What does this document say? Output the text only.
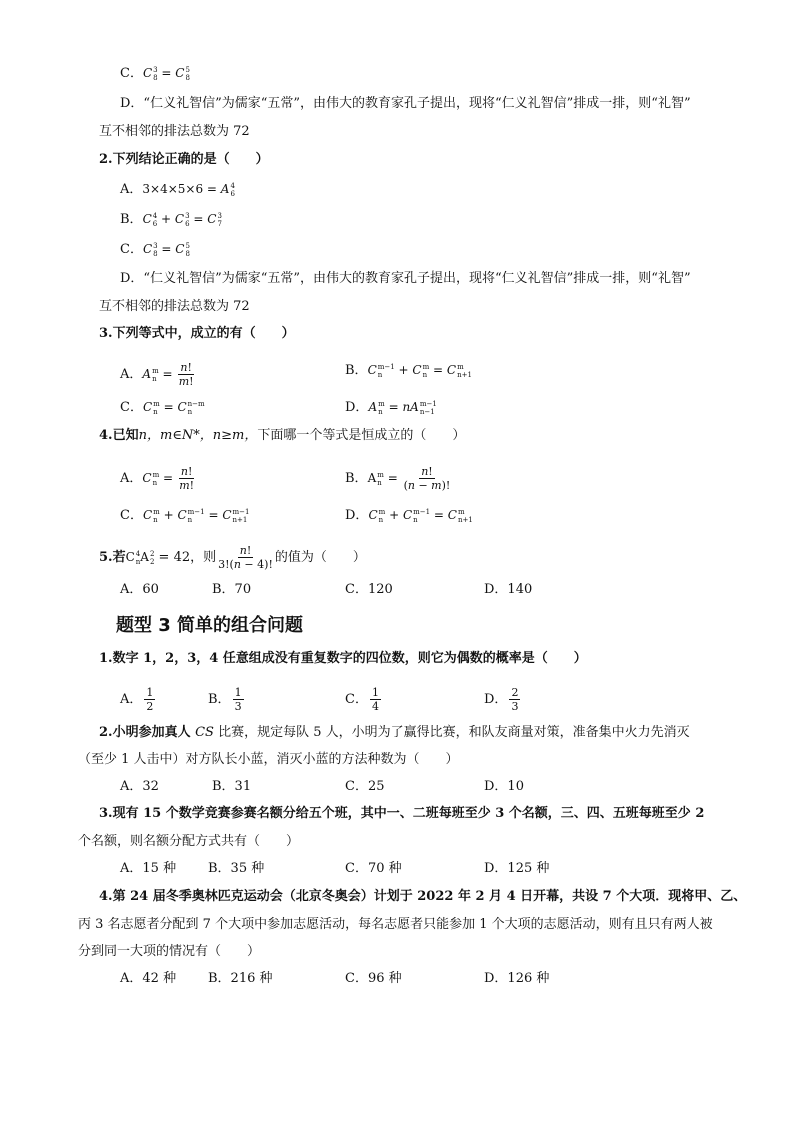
C．C 3
8 = C 5
8
D．“仁义礼智信”为儒家“五常”，由伟大的教育家孔子提出，现将“仁义礼智信”排成一排，则“礼智”
互不相邻的排法总数为 72
2.下列结论正确的是（　　）
A．3×4×5×6 = A 4
6
B．C 4
6 + C 3
6 = C 3
7
C．C 3
8 = C 5
8
D．“仁义礼智信”为儒家“五常”，由伟大的教育家孔子提出，现将“仁义礼智信”排成一排，则“礼智”
互不相邻的排法总数为 72
3.下列等式中，成立的有（　　）
A．A m
$n = \frac{n!}{m!}$	B．C m−1
n	+ C m
n = C m
n+1
C．C m
n = C n−m
n	D．A m
n = nA m−1
n−1
4.已知n，m∈N*，n≥m，下面哪一个等式是恒成立的（　　）
A．C m
$n = \frac{n!}{m!}$	B．A m
$n = \frac{n!}{(n - m)!}$
C．C m
n + C m−1
n	= C m−1
n+1	D．C m
n + C m−1
n	= C m
n+1
5.若C 4
n A 2
2 = 42，则 $\frac{n!}{3!(n - 4)!}$ 的值为（　　）
A．60	B．70	C．120	D．140
题型 3 简单的组合问题
1.数字 1，2，3，4 任意组成没有重复数字的四位数，则它为偶数的概率是（　　）
A． $\frac{1}{2}$	B． $\frac{1}{3}$	C． $\frac{1}{4}$	D． $\frac{2}{3}$
2.小明参加真人 CS 比赛，规定每队 5 人，小明为了赢得比赛，和队友商量对策，准备集中火力先消灭
（至少 1 人击中）对方队长小蓝，消灭小蓝的方法种数为（　　）
A．32	B．31	C．25	D．10
3.现有 15 个数学竞赛参赛名额分给五个班，其中一、二班每班至少 3 个名额，三、四、五班每班至少 2
个名额，则名额分配方式共有（　　）
A．15 种 B．35 种	C．70 种	D．125 种
4.第 24 届冬季奥林匹克运动会（北京冬奥会）计划于 2022 年 2 月 4 日开幕，共设 7 个大项．现将甲、乙、
丙 3 名志愿者分配到 7 个大项中参加志愿活动，每名志愿者只能参加 1 个大项的志愿活动，则有且只有两人被
分到同一大项的情况有（　　）
A．42 种 B．216 种	C．96 种	D．126 种
